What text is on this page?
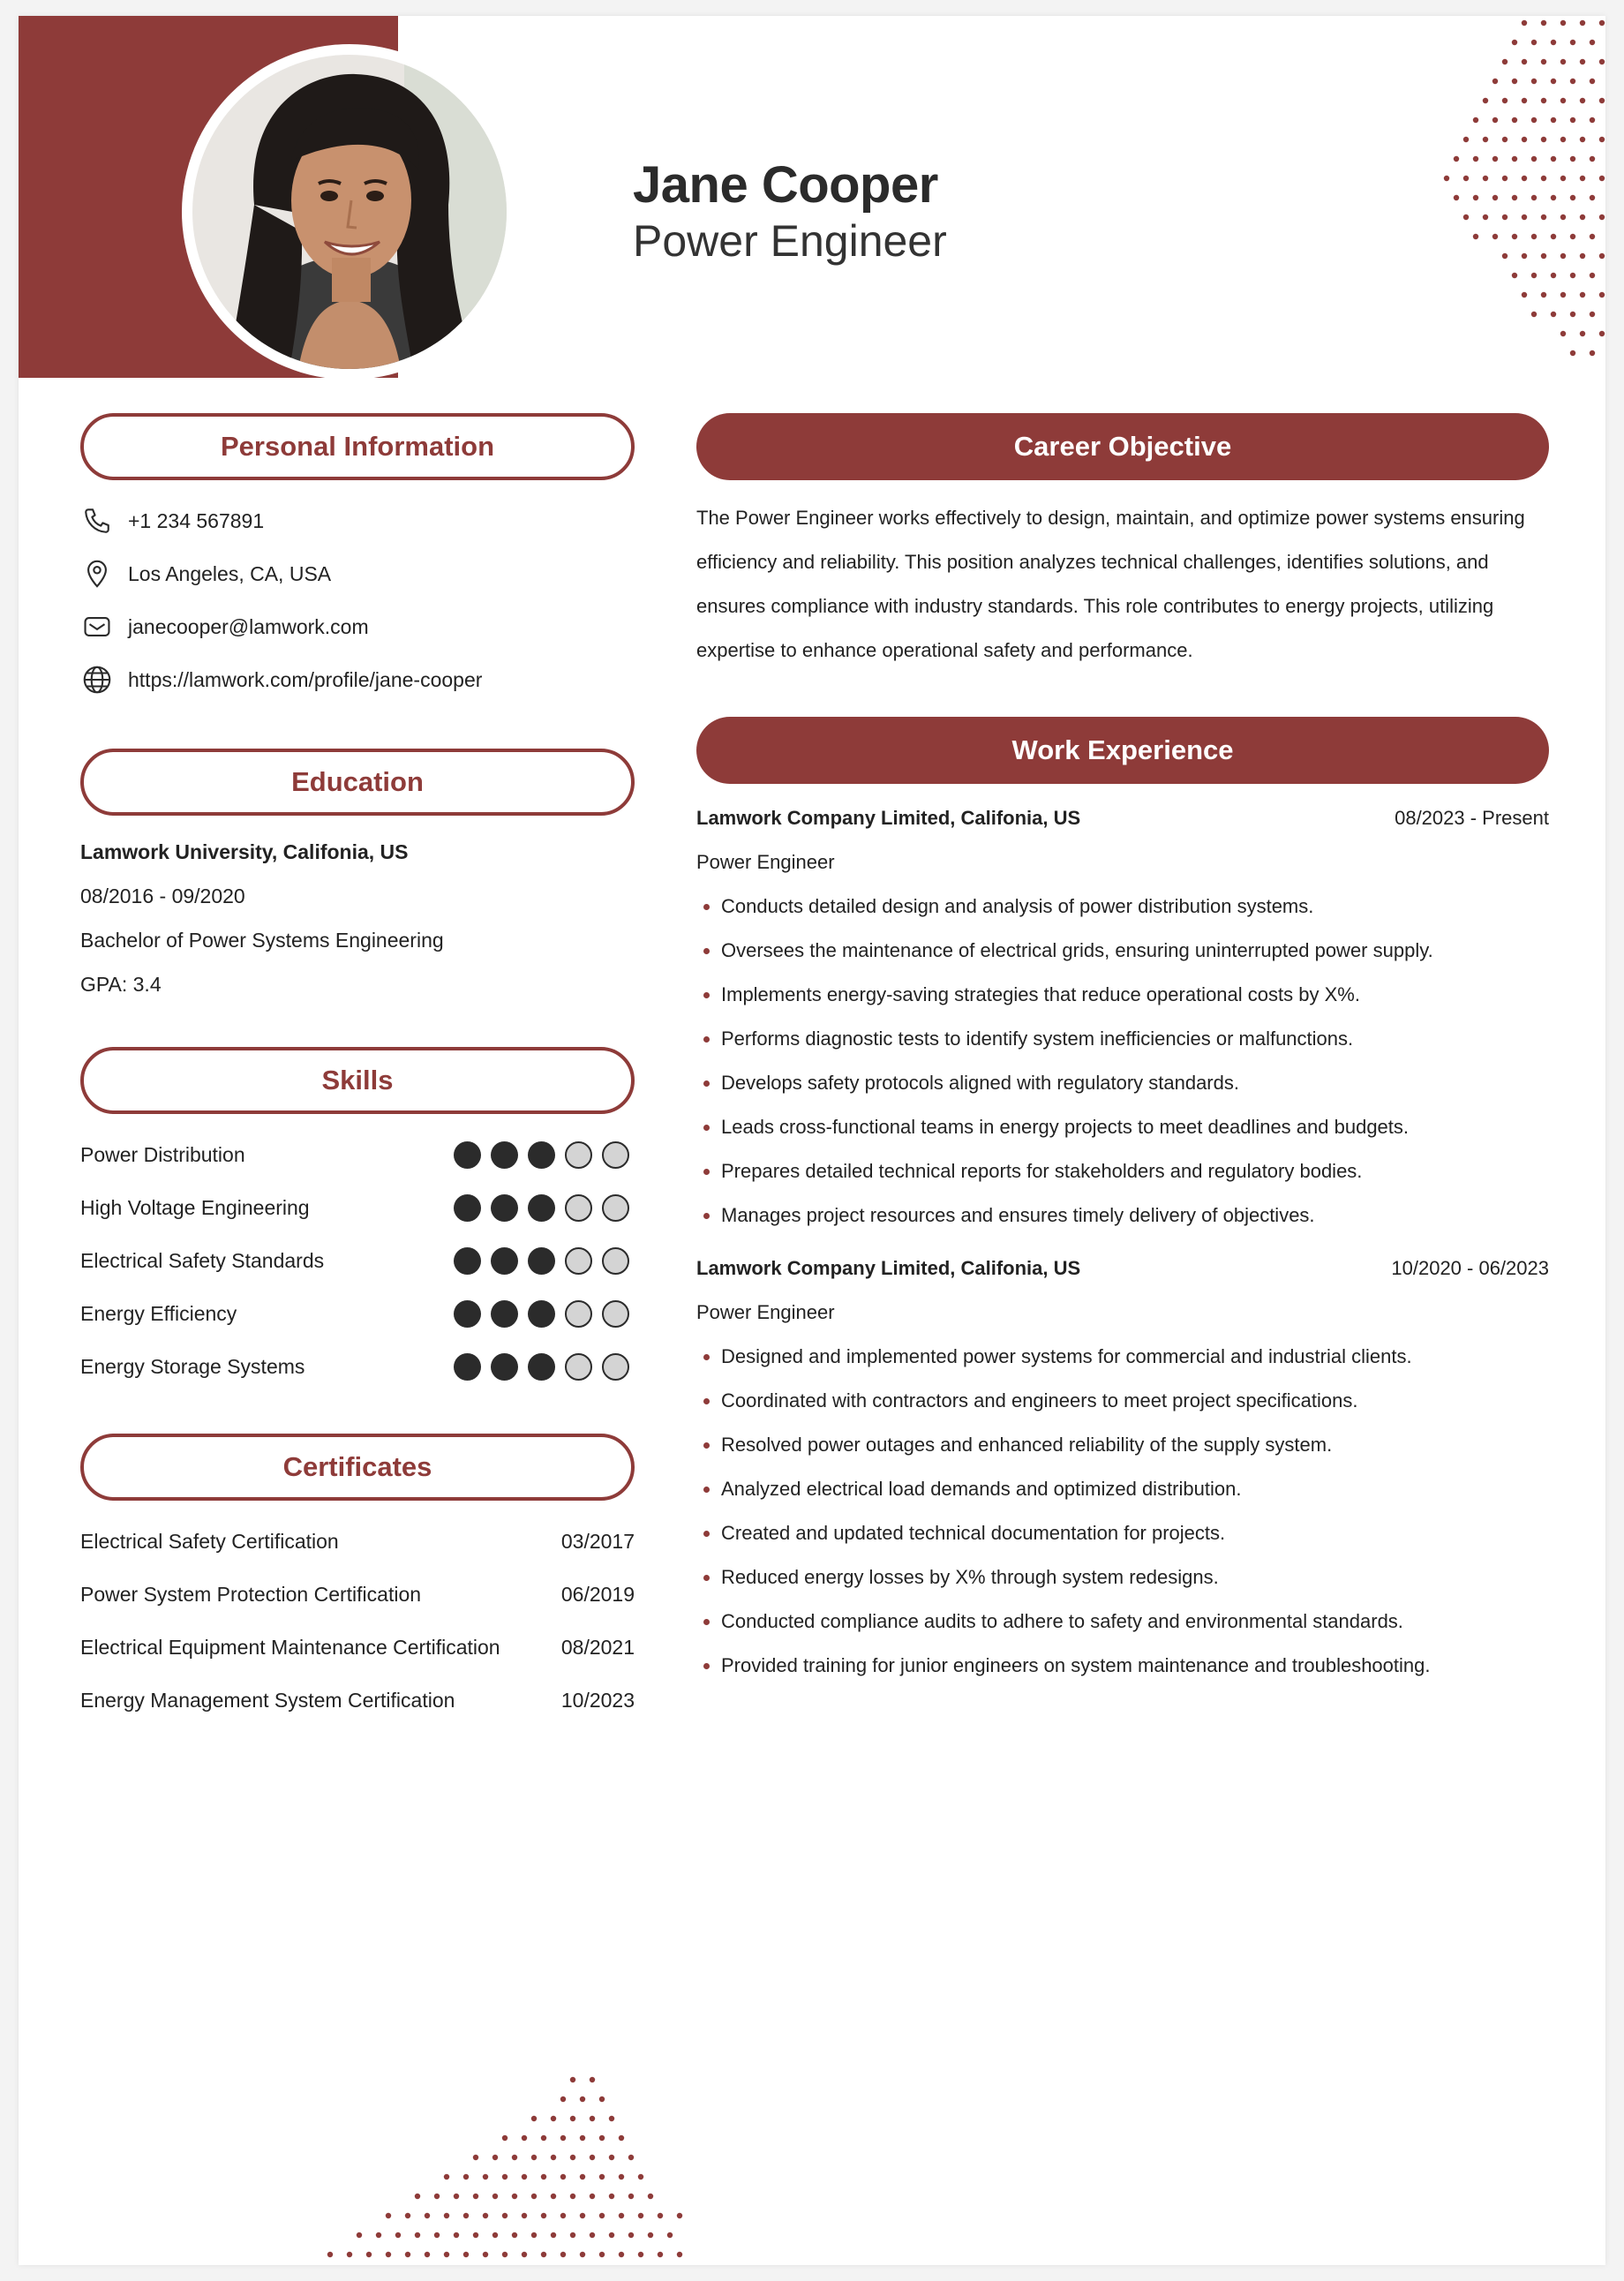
Jane Cooper
Power Engineer
Personal Information
+1 234 567891
Los Angeles, CA, USA
janecooper@lamwork.com
https://lamwork.com/profile/jane-cooper
Education
Lamwork University, Califonia, US
08/2016 - 09/2020
Bachelor of Power Systems Engineering
GPA: 3.4
Skills
Power Distribution
High Voltage Engineering
Electrical Safety Standards
Energy Efficiency
Energy Storage Systems
Certificates
Electrical Safety Certification	03/2017
Power System Protection Certification	06/2019
Electrical Equipment Maintenance Certification	08/2021
Energy Management System Certification	10/2023
Career Objective
The Power Engineer works effectively to design, maintain, and optimize power systems ensuring efficiency and reliability. This position analyzes technical challenges, identifies solutions, and ensures compliance with industry standards. This role contributes to energy projects, utilizing expertise to enhance operational safety and performance.
Work Experience
Lamwork Company Limited, Califonia, US	08/2023 - Present
Power Engineer
Conducts detailed design and analysis of power distribution systems.
Oversees the maintenance of electrical grids, ensuring uninterrupted power supply.
Implements energy-saving strategies that reduce operational costs by X%.
Performs diagnostic tests to identify system inefficiencies or malfunctions.
Develops safety protocols aligned with regulatory standards.
Leads cross-functional teams in energy projects to meet deadlines and budgets.
Prepares detailed technical reports for stakeholders and regulatory bodies.
Manages project resources and ensures timely delivery of objectives.
Lamwork Company Limited, Califonia, US	10/2020 - 06/2023
Power Engineer
Designed and implemented power systems for commercial and industrial clients.
Coordinated with contractors and engineers to meet project specifications.
Resolved power outages and enhanced reliability of the supply system.
Analyzed electrical load demands and optimized distribution.
Created and updated technical documentation for projects.
Reduced energy losses by X% through system redesigns.
Conducted compliance audits to adhere to safety and environmental standards.
Provided training for junior engineers on system maintenance and troubleshooting.
